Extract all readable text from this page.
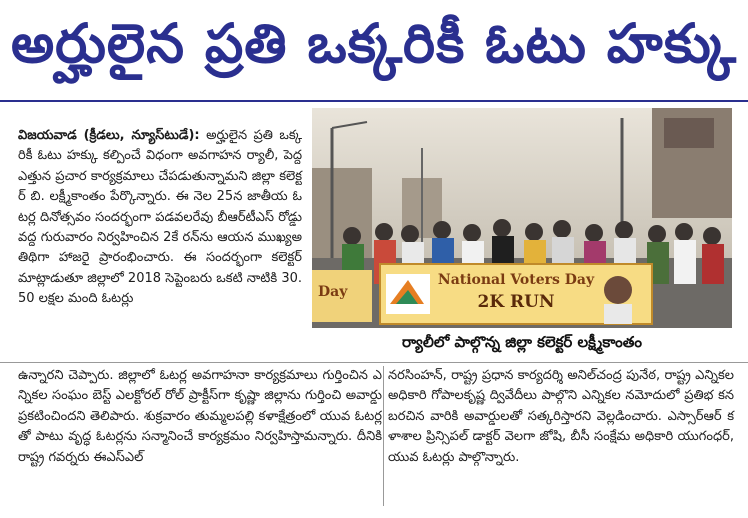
అర్హులైన ప్రతి ఒక్కరికీ ఓటు హక్కు
విజయవాడ (క్రీడలు, న్యూస్‌టుడే): అర్హులైన ప్రతి ఒక్కరికీ ఓటు హక్కు కల్పించే విధంగా అవగాహన ర్యాలీ, పెద్ద ఎత్తున ప్రచార కార్యక్రమాలు చేపడుతున్నామని జిల్లా కలెక్టర్ బి. లక్ష్మీకాంతం పేర్కొన్నారు. ఈ నెల 25న జాతీయ ఓటర్ల దినోత్సవం సందర్భంగా పడవలరేవు బీఆర్‌టీఎస్ రోడ్డు వద్ద గురువారం నిర్వహించిన 2కే రన్‌ను ఆయన ముఖ్యఅతిథిగా హాజరై ప్రారంభించారు. ఈ సందర్భంగా కలెక్టర్ మాట్లాడుతూ జిల్లాలో 2018 సెప్టెంబరు ఒకటి నాటికి 30.50 లక్షల మంది ఓటర్లు
National Voters Day
2K RUN
Day
ర్యాలీలో పాల్గొన్న జిల్లా కలెక్టర్ లక్ష్మీకాంతం
ఉన్నారని చెప్పారు. జిల్లాలో ఓటర్ల అవగాహనా కార్యక్రమాలు గుర్తించిన ఎన్నికల సంఘం బెస్ట్ ఎలక్టోరల్ రోల్ ప్రాక్టీస్‌గా కృష్ణా జిల్లాను గుర్తించి అవార్డు ప్రకటించిందని తెలిపారు. శుక్రవారం తుమ్మలపల్లి కళాక్షేత్రంలో యువ ఓటర్లతో పాటు వృద్ధ ఓటర్లను సన్మానించే కార్యక్రమం నిర్వహిస్తామన్నారు. దీనికి రాష్ట్ర గవర్నరు ఈఎస్ఎల్
నరసింహన్, రాష్ట్ర ప్రధాన కార్యదర్శి అనిల్‌చంద్ర పునేఠ, రాష్ట్ర ఎన్నికల అధికారి గోపాలకృష్ణ ద్వివేదీలు పాల్గొని ఎన్నికల నమోదులో ప్రతిభ కనబరచిన వారికి అవార్డులతో సత్కరిస్తారని వెల్లడించారు. ఎస్సార్ఆర్ కళాశాల ప్రిన్సిపల్ డాక్టర్ వెలగా జోషి, బీసీ సంక్షేమ అధికారి యుగంధర్, యువ ఓటర్లు పాల్గొన్నారు.
